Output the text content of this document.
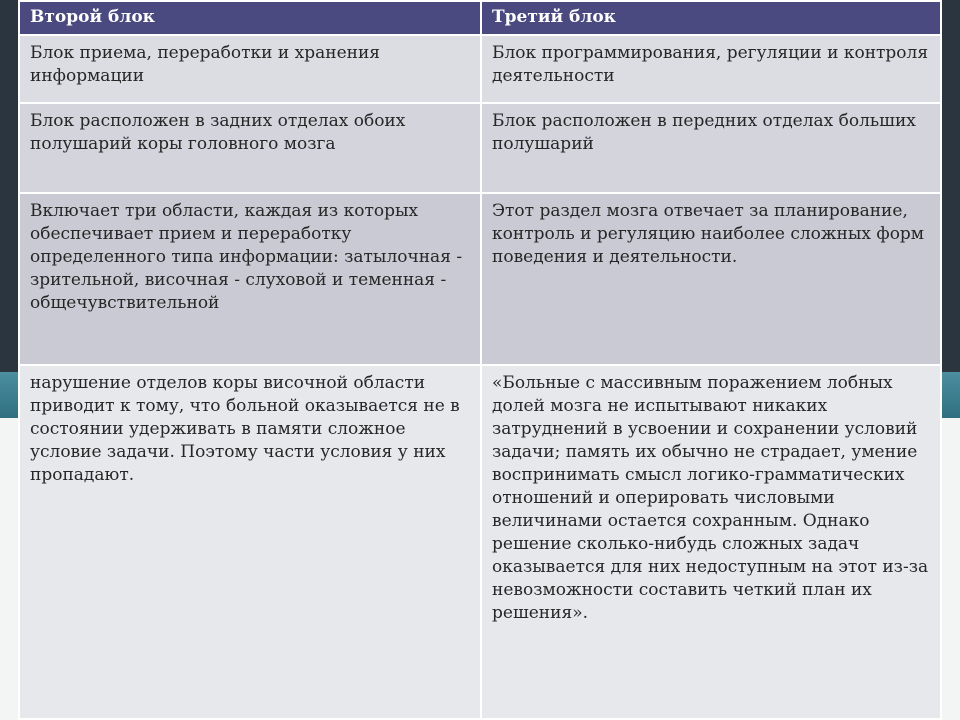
Второй блок	Третий блок
Блок приема, переработки и хранения информации	Блок программирования, регуляции и контроля деятельности
Блок расположен в задних отделах обоих полушарий коры головного мозга	Блок расположен в передних отделах больших полушарий
Включает три области, каждая из которых обеспечивает прием и переработку определенного типа информации: затылочная - зрительной, височная - слуховой и теменная - общечувствительной	Этот раздел мозга отвечает за планирование, контроль и регуляцию наиболее сложных форм поведения и деятельности.
нарушение отделов коры височной области приводит к тому, что больной оказывается не в состоянии удерживать в памяти сложное условие задачи. Поэтому части условия у них пропадают.	«Больные с массивным поражением лобных долей мозга не испытывают никаких затруднений в усвоении и сохранении условий задачи; память их обычно не страдает, умение воспринимать смысл логико-грамматических отношений и оперировать числовыми величинами остается сохранным. Однако решение сколько-нибудь сложных задач оказывается для них недоступным на этот из-за невозможности составить четкий план их решения».
